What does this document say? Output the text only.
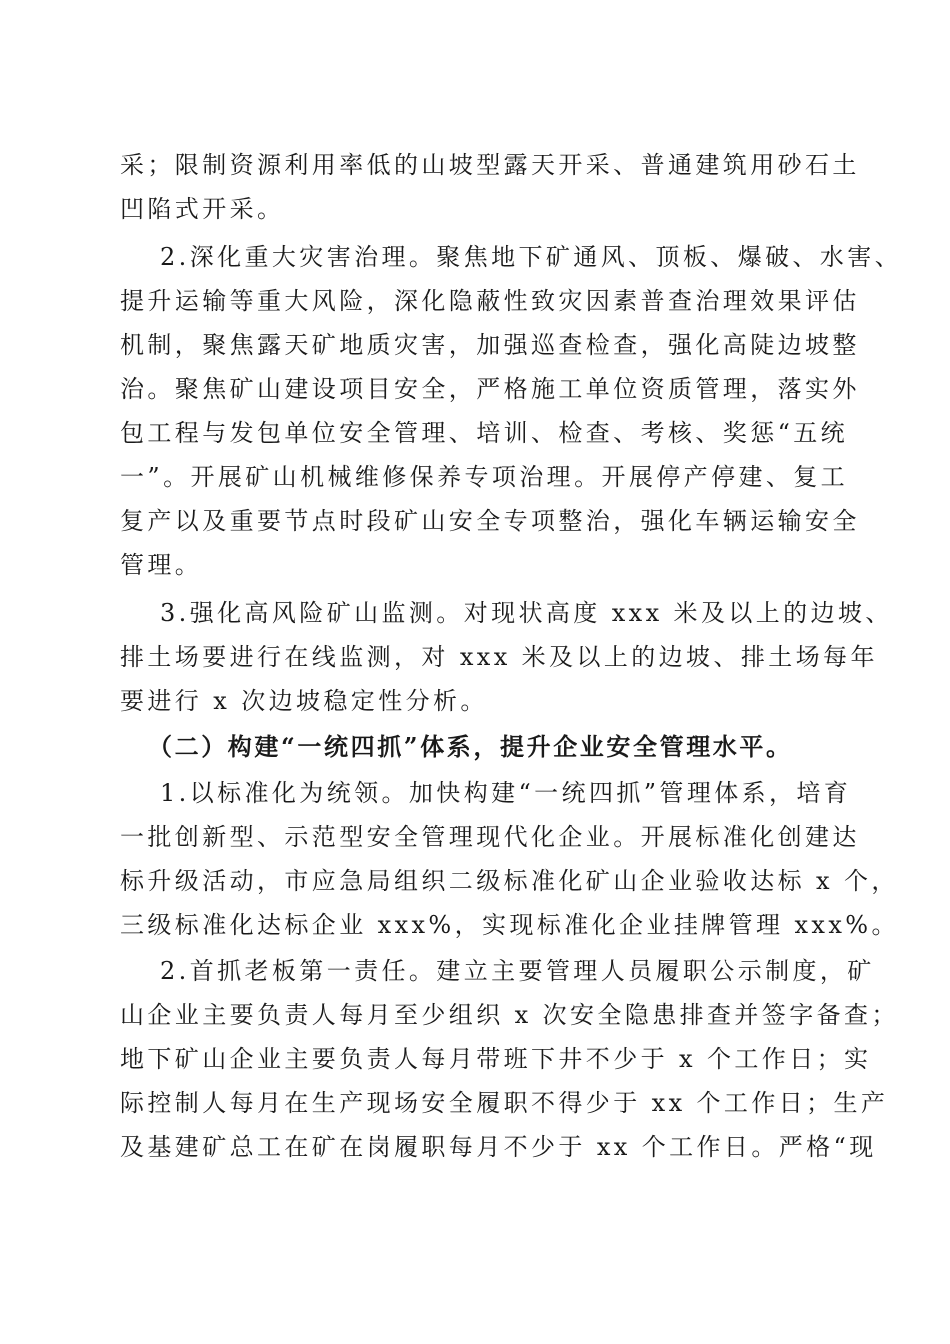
采；限制资源利用率低的山坡型露天开采、普通建筑用砂石土
凹陷式开采。
2.深化重大灾害治理。聚焦地下矿通风、顶板、爆破、水害、
提升运输等重大风险，深化隐蔽性致灾因素普查治理效果评估
机制，聚焦露天矿地质灾害，加强巡查检查，强化高陡边坡整
治。聚焦矿山建设项目安全，严格施工单位资质管理，落实外
包工程与发包单位安全管理、培训、检查、考核、奖惩“五统
一”。开展矿山机械维修保养专项治理。开展停产停建、复工
复产以及重要节点时段矿山安全专项整治，强化车辆运输安全
管理。
3.强化高风险矿山监测。对现状高度 xxx 米及以上的边坡、
排土场要进行在线监测，对 xxx 米及以上的边坡、排土场每年
要进行 x 次边坡稳定性分析。
（二）构建“一统四抓”体系，提升企业安全管理水平。
1.以标准化为统领。加快构建“一统四抓”管理体系，培育
一批创新型、示范型安全管理现代化企业。开展标准化创建达
标升级活动，市应急局组织二级标准化矿山企业验收达标 x 个，
三级标准化达标企业 xxx%，实现标准化企业挂牌管理 xxx%。
2.首抓老板第一责任。建立主要管理人员履职公示制度，矿
山企业主要负责人每月至少组织 x 次安全隐患排查并签字备查；
地下矿山企业主要负责人每月带班下井不少于 x 个工作日；实
际控制人每月在生产现场安全履职不得少于 xx 个工作日；生产
及基建矿总工在矿在岗履职每月不少于 xx 个工作日。严格“现
